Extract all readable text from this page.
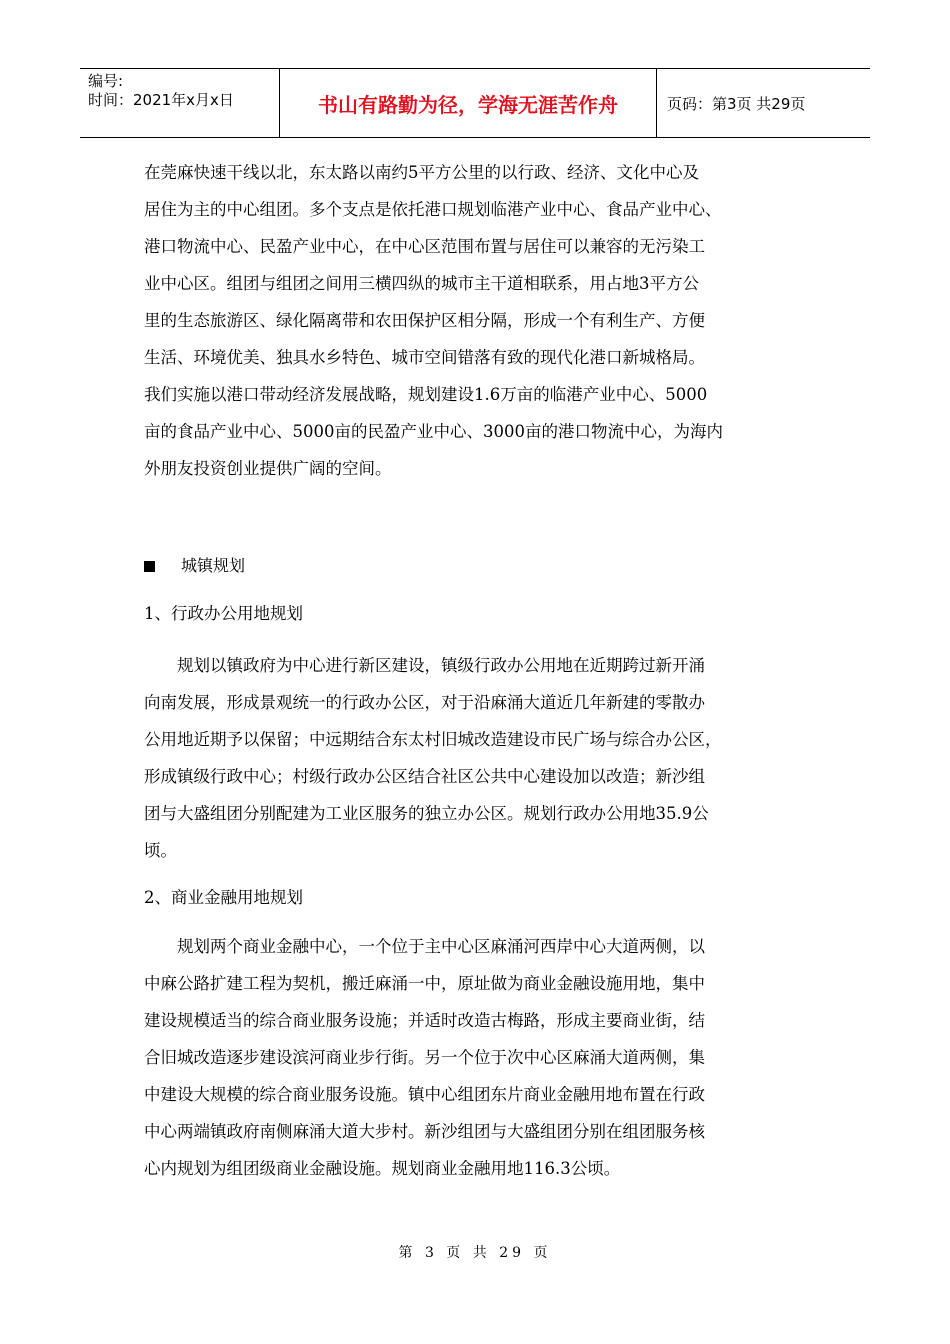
编号:
时间：2021年x月x日	书山有路勤为径，学海无涯苦作舟	页码：第3页 共29页
在莞麻快速干线以北，东太路以南约5平方公里的以行政、经济、文化中心及
居住为主的中心组团。多个支点是依托港口规划临港产业中心、食品产业中心、
港口物流中心、民盈产业中心，在中心区范围布置与居住可以兼容的无污染工
业中心区。组团与组团之间用三横四纵的城市主干道相联系，用占地3平方公
里的生态旅游区、绿化隔离带和农田保护区相分隔，形成一个有利生产、方便
生活、环境优美、独具水乡特色、城市空间错落有致的现代化港口新城格局。
我们实施以港口带动经济发展战略，规划建设1.6万亩的临港产业中心、5000
亩的食品产业中心、5000亩的民盈产业中心、3000亩的港口物流中心，为海内
外朋友投资创业提供广阔的空间。
城镇规划
1、行政办公用地规划
　　规划以镇政府为中心进行新区建设，镇级行政办公用地在近期跨过新开涌
向南发展，形成景观统一的行政办公区，对于沿麻涌大道近几年新建的零散办
公用地近期予以保留；中远期结合东太村旧城改造建设市民广场与综合办公区，
形成镇级行政中心；村级行政办公区结合社区公共中心建设加以改造；新沙组
团与大盛组团分别配建为工业区服务的独立办公区。规划行政办公用地35.9公
顷。
2、商业金融用地规划
　　规划两个商业金融中心，一个位于主中心区麻涌河西岸中心大道两侧，以
中麻公路扩建工程为契机，搬迁麻涌一中，原址做为商业金融设施用地，集中
建设规模适当的综合商业服务设施；并适时改造古梅路，形成主要商业街，结
合旧城改造逐步建设滨河商业步行街。另一个位于次中心区麻涌大道两侧，集
中建设大规模的综合商业服务设施。镇中心组团东片商业金融用地布置在行政
中心两端镇政府南侧麻涌大道大步村。新沙组团与大盛组团分别在组团服务核
心内规划为组团级商业金融设施。规划商业金融用地116.3公顷。
第 3 页 共 29 页
